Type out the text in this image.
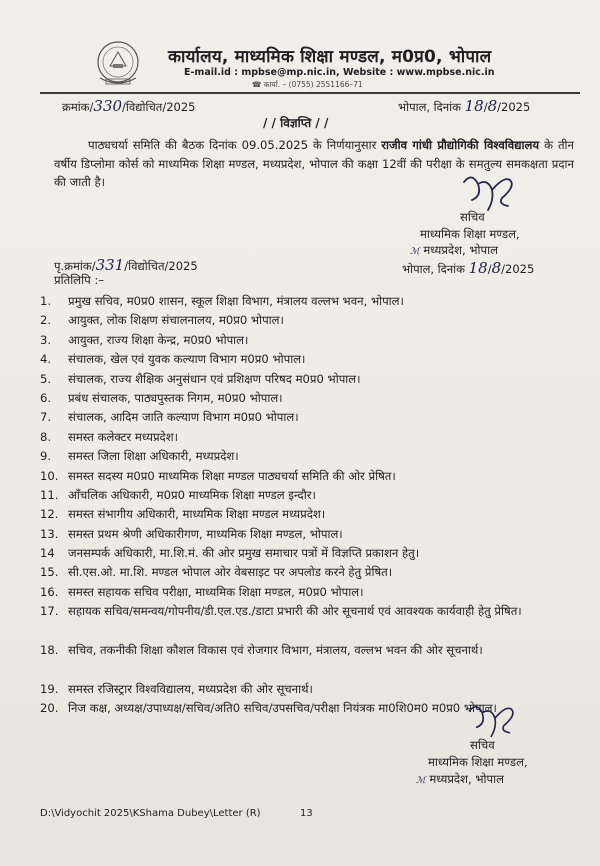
कार्यालय, माध्यमिक शिक्षा मण्डल, म0प्र0, भोपाल
E-mail.id : mpbse@mp.nic.in, Website : www.mpbse.nic.in
☎ कार्या. – (0755) 2551166–71
क्रमांक/330/विद्योचित/2025	भोपाल, दिनांक 18/8/2025
/ / विज्ञप्ति / /
पाठ्यचर्या समिति की बैठक दिनांक 09.05.2025 के निर्णयानुसार राजीव गांधी प्रौद्योगिकी विश्वविद्यालय के तीन वर्षीय डिप्लोमा कोर्स को माध्यमिक शिक्षा मण्डल, मध्यप्रदेश, भोपाल की कक्षा 12वीं की परीक्षा के समतुल्य समकक्षता प्रदान की जाती है।
सचिव
माध्यमिक शिक्षा मण्डल,
ℳ मध्यप्रदेश, भोपाल
पृ.क्रमांक/331/विद्योचित/2025	भोपाल, दिनांक 18/8/2025
प्रतिलिपि :–
1.	प्रमुख सचिव, म0प्र0 शासन, स्कूल शिक्षा विभाग, मंत्रालय वल्लभ भवन, भोपाल।
2.	आयुक्त, लोक शिक्षण संचालनालय, म0प्र0 भोपाल।
3.	आयुक्त, राज्य शिक्षा केन्द्र, म0प्र0 भोपाल।
4.	संचालक, खेल एवं युवक कल्याण विभाग म0प्र0 भोपाल।
5.	संचालक, राज्य शैक्षिक अनुसंधान एवं प्रशिक्षण परिषद म0प्र0 भोपाल।
6.	प्रबंध संचालक, पाठ्यपुस्तक निगम, म0प्र0 भोपाल।
7.	संचालक, आदिम जाति कल्याण विभाग म0प्र0 भोपाल।
8.	समस्त कलेक्टर मध्यप्रदेश।
9.	समस्त जिला शिक्षा अधिकारी, मध्यप्रदेश।
10. समस्त सदस्य म0प्र0 माध्यमिक शिक्षा मण्डल पाठ्यचर्या समिति की ओर प्रेषित।
11. आँचलिक अधिकारी, म0प्र0 माध्यमिक शिक्षा मण्डल इन्दौर।
12. समस्त संभागीय अधिकारी, माध्यमिक शिक्षा मण्डल मध्यप्रदेश।
13. समस्त प्रथम श्रेणी अधिकारीगण, माध्यमिक शिक्षा मण्डल, भोपाल।
14	जनसम्पर्क अधिकारी, मा.शि.मं. की ओर प्रमुख समाचार पत्रों में विज्ञप्ति प्रकाशन हेतु।
15. सी.एस.ओ. मा.शि. मण्डल भोपाल ओर वेबसाइट पर अपलोड करने हेतु प्रेषित।
16. समस्त सहायक सचिव परीक्षा, माध्यमिक शिक्षा मण्डल, म0प्र0 भोपाल।
17. सहायक सचिव/समन्वय/गोपनीय/डी.एल.एड./डाटा प्रभारी की ओर सूचनार्थ एवं आवश्यक कार्यवाही हेतु प्रेषित।
18. सचिव, तकनीकी शिक्षा कौशल विकास एवं रोजगार विभाग, मंत्रालय, वल्लभ भवन की ओर सूचनार्थ।
19. समस्त रजिस्ट्रार विश्वविद्यालय, मध्यप्रदेश की ओर सूचनार्थ।
20. निज कक्ष, अध्यक्ष/उपाध्यक्ष/सचिव/अति0 सचिव/उपसचिव/परीक्षा नियंत्रक मा0शि0म0 म0प्र0 भोपाल।
सचिव
माध्यमिक शिक्षा मण्डल,
ℳ मध्यप्रदेश, भोपाल
D:\Vidyochit 2025\KShama Dubey\Letter (R)	13
